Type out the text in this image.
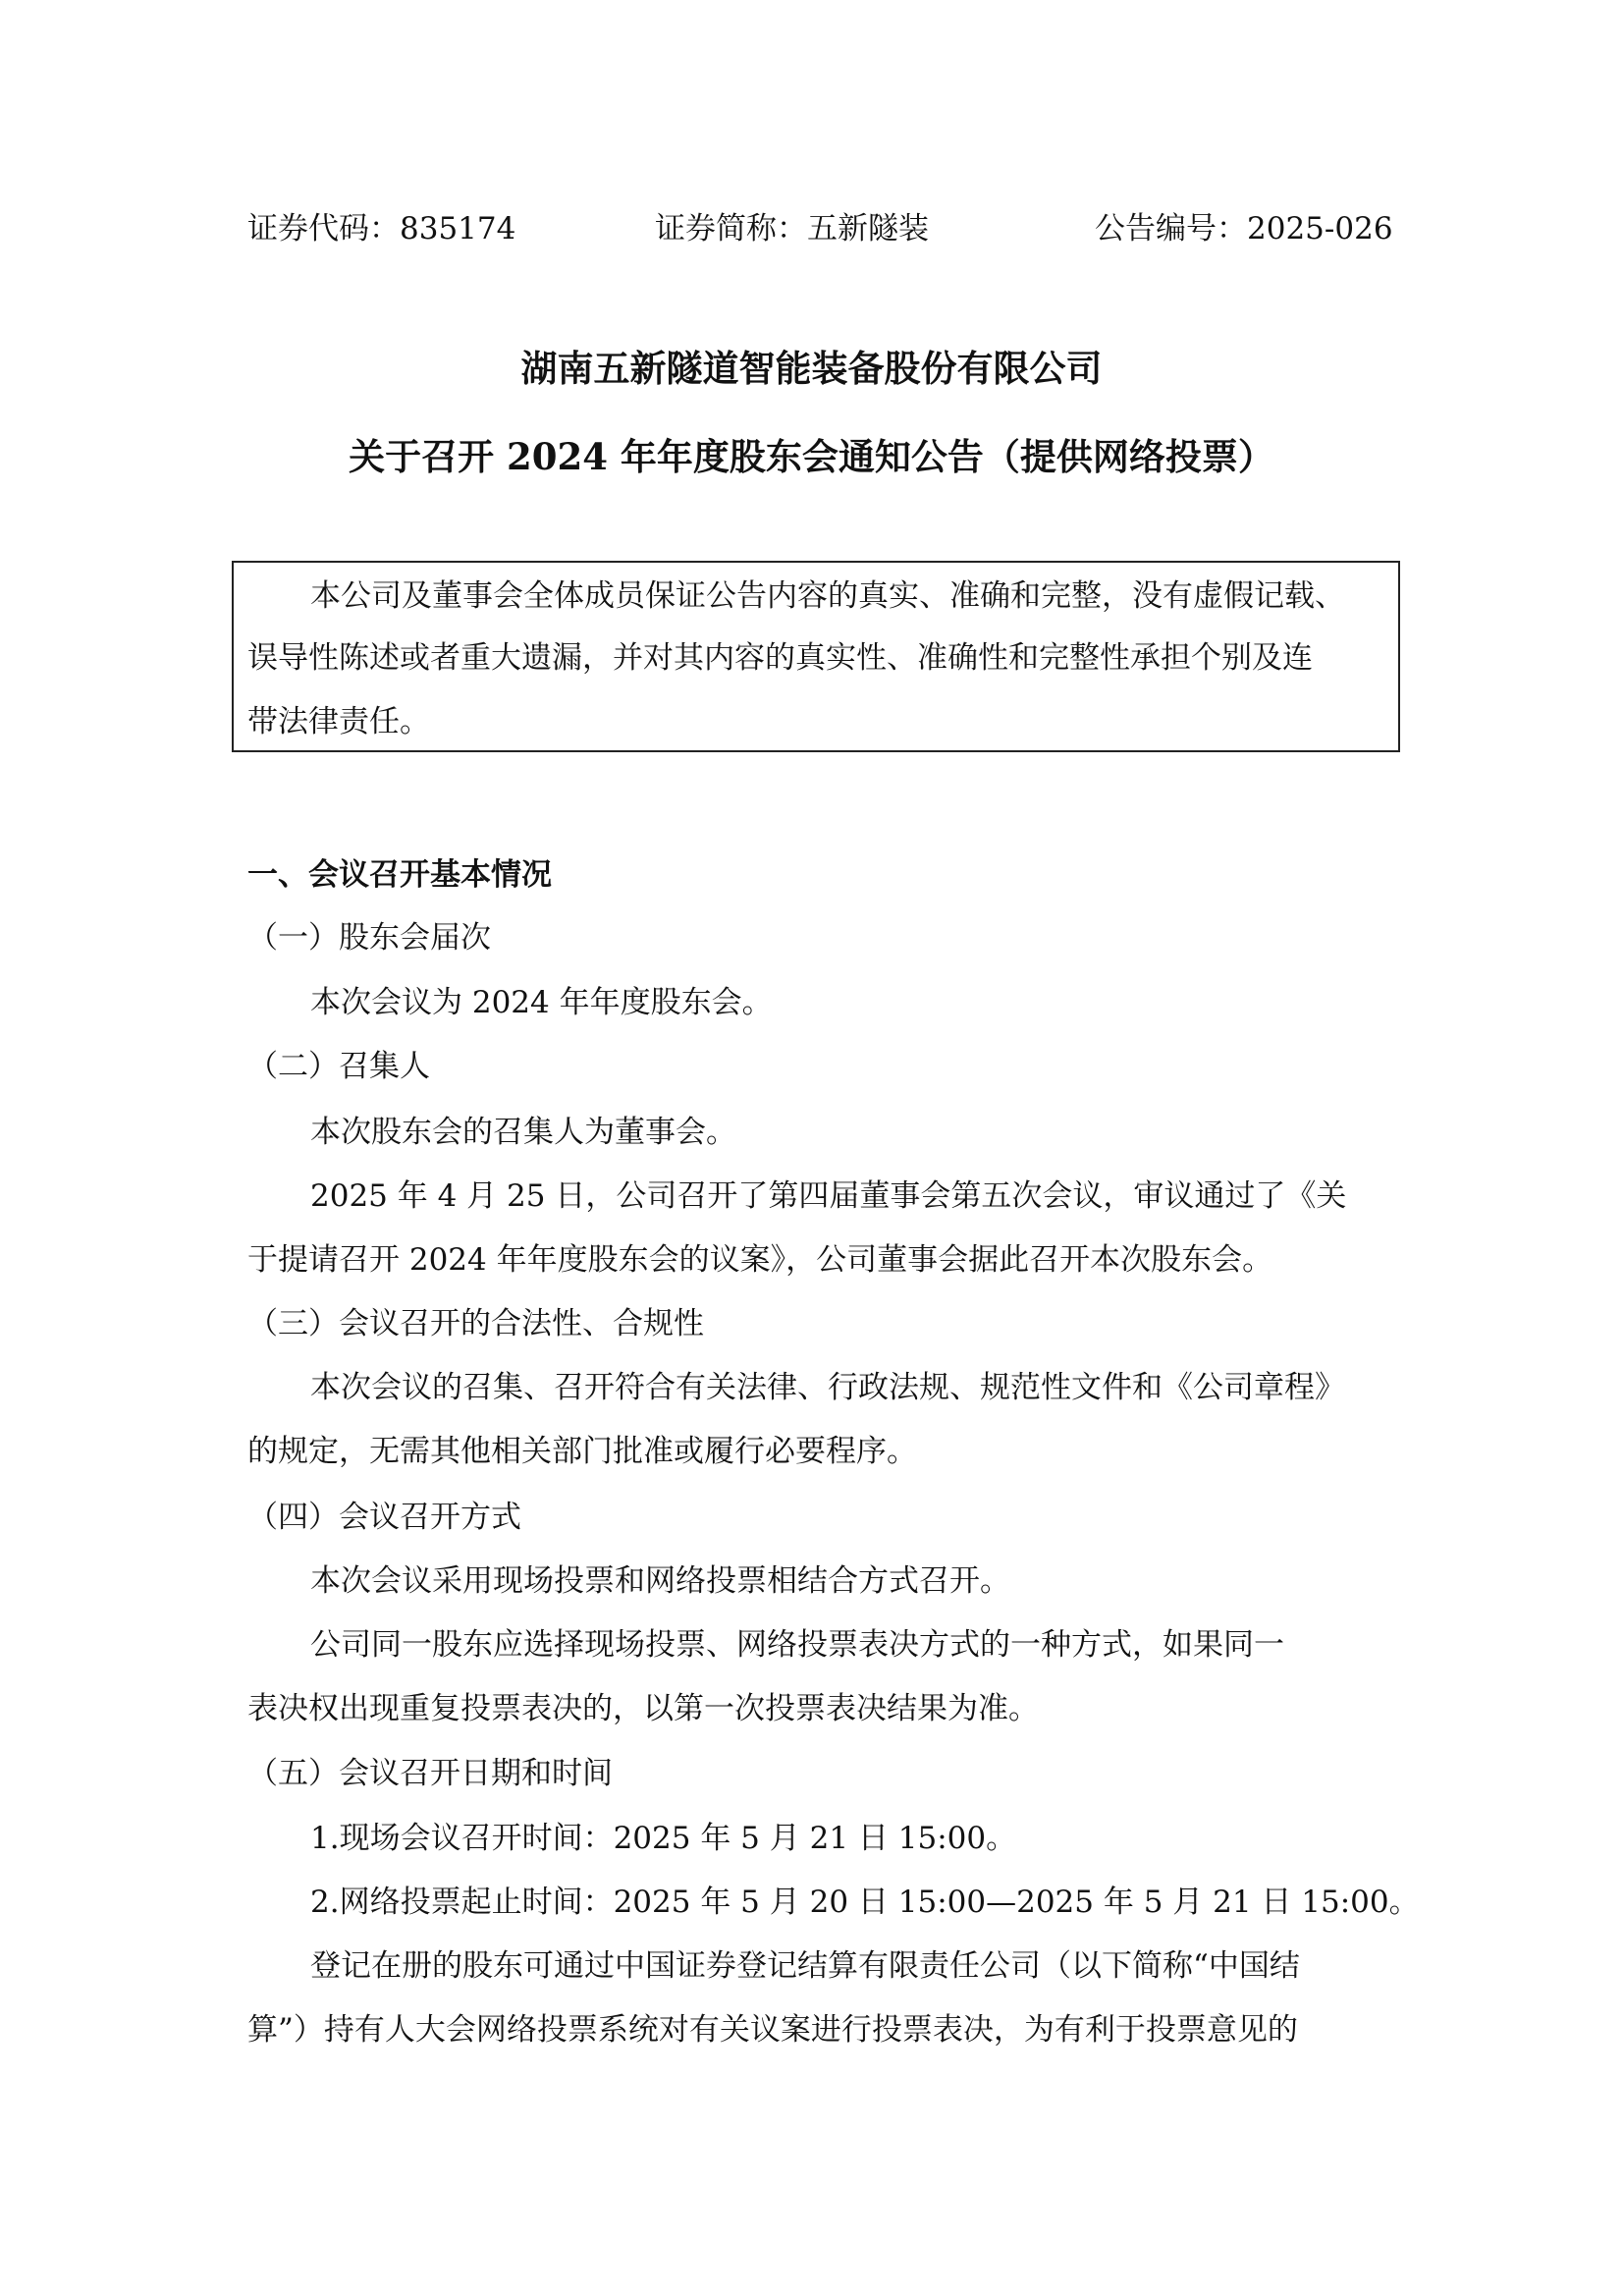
证券代码：835174	证券简称：五新隧装	公告编号：2025-026
湖南五新隧道智能装备股份有限公司
关于召开 2024 年年度股东会通知公告（提供网络投票）
本公司及董事会全体成员保证公告内容的真实、准确和完整，没有虚假记载、
误导性陈述或者重大遗漏，并对其内容的真实性、准确性和完整性承担个别及连
带法律责任。
一、会议召开基本情况
（一）股东会届次
本次会议为 2024 年年度股东会。
（二）召集人
本次股东会的召集人为董事会。
2025 年 4 月 25 日，公司召开了第四届董事会第五次会议，审议通过了《关
于提请召开 2024 年年度股东会的议案》，公司董事会据此召开本次股东会。
（三）会议召开的合法性、合规性
本次会议的召集、召开符合有关法律、行政法规、规范性文件和《公司章程》
的规定，无需其他相关部门批准或履行必要程序。
（四）会议召开方式
本次会议采用现场投票和网络投票相结合方式召开。
公司同一股东应选择现场投票、网络投票表决方式的一种方式，如果同一
表决权出现重复投票表决的，以第一次投票表决结果为准。
（五）会议召开日期和时间
1.现场会议召开时间：2025 年 5 月 21 日 15:00。
2.网络投票起止时间：2025 年 5 月 20 日 15:00—2025 年 5 月 21 日 15:00。
登记在册的股东可通过中国证券登记结算有限责任公司（以下简称“中国结
算”）持有人大会网络投票系统对有关议案进行投票表决，为有利于投票意见的
